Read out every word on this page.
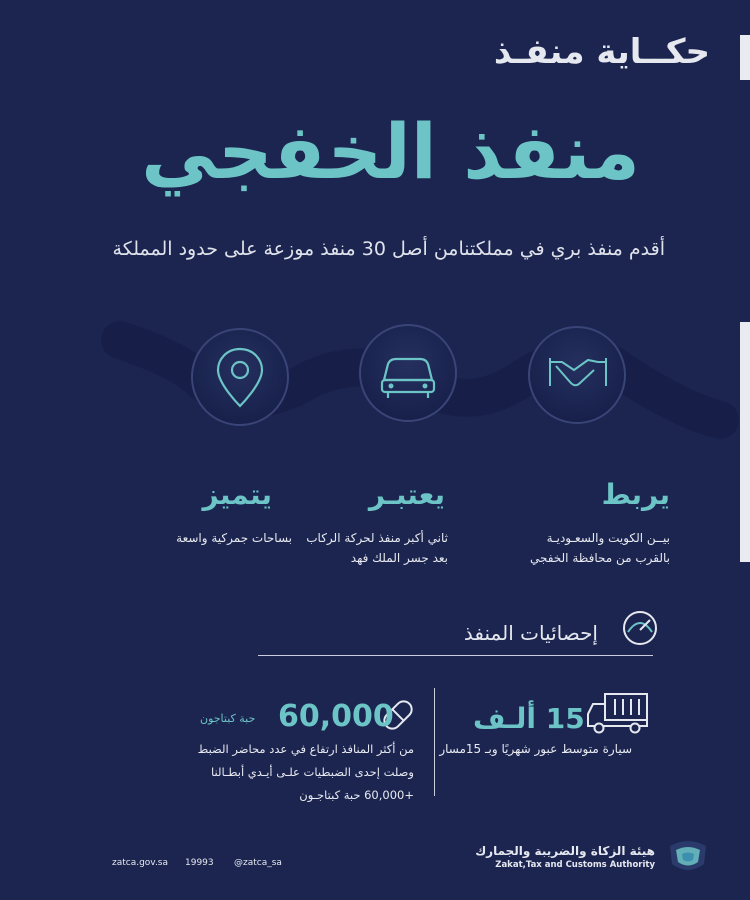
حكــاية منفـذ
منفذ الخفجي
أقدم منفذ بري في مملكتنامن أصل 30 منفذ موزعة على حدود المملكة
يربط
بيــن الكويت والسعـوديـة
بالقرب من محافظة الخفجي
يعتبـر
ثاني أكبر منفذ لحركة الركاب
بعد جسر الملك فهد
يتميز
بساحات جمركية واسعة
إحصائيات المنفذ
15 ألـف
سيارة متوسط عبور شهريًا وبـ 15مسار
60,000
حبة كبتاجون
من أكثر المنافذ ارتفاع في عدد محاضر الضبط
وصلت إحدى الضبطيات علـى أيـدي أبطـالنا
+60,000 حبة كبتاجـون
zatca.gov.sa 19993 @zatca_sa
هيئة الزكاة والضريبة والجمارك
Zakat,Tax and Customs Authority
